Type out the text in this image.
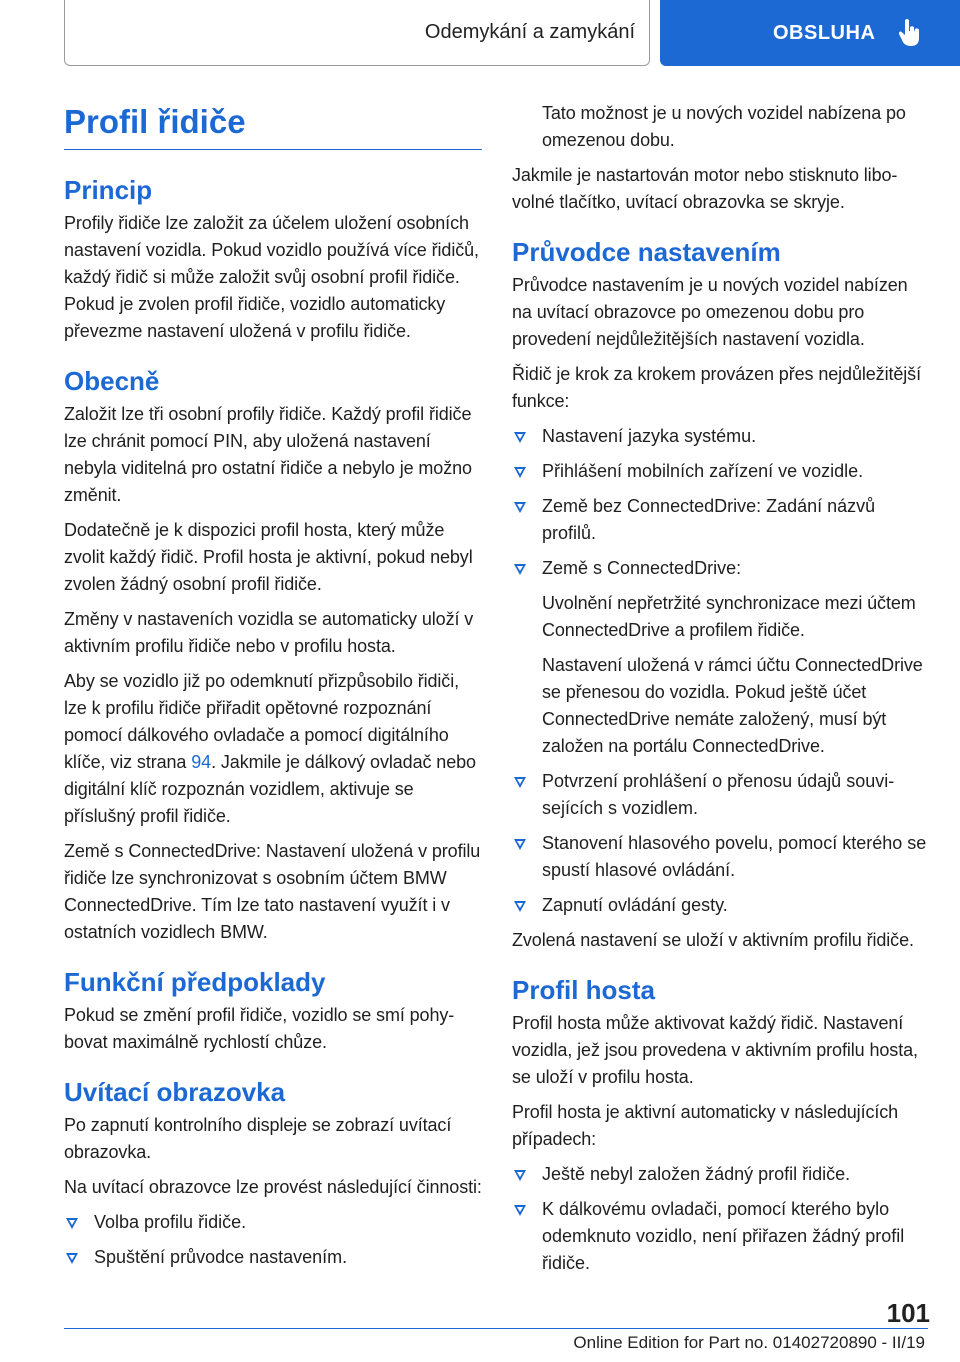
Odemykání a zamykání	OBSLUHA
Profil řidiče
Princip

Profily řidiče lze založit za účelem uložení osobních nastavení vozidla. Pokud vozidlo používá více řidičů, každý řidič si může založit svůj osobní profil řidiče. Pokud je zvolen profil řidiče, vozidlo automaticky převezme nastavení uložená v profilu řidiče.

Obecně

Založit lze tři osobní profily řidiče. Každý profil řidiče lze chránit pomocí PIN, aby uložená nastavení nebyla viditelná pro ostatní řidiče a nebylo je možno změnit.

Dodatečně je k dispozici profil hosta, který může zvolit každý řidič. Profil hosta je aktivní, pokud nebyl zvolen žádný osobní profil řidiče.

Změny v nastaveních vozidla se automaticky uloží v aktivním profilu řidiče nebo v profilu hosta.

Aby se vozidlo již po odemknutí přizpůsobilo řidiči, lze k profilu řidiče přiřadit opětovné rozpoznání pomocí dálkového ovladače a pomocí digitálního klíče, viz strana 94. Jakmile je dálkový ovladač nebo digitální klíč rozpoznán vozidlem, aktivuje se příslušný profil řidiče.

Země s ConnectedDrive: Nastavení uložená v profilu řidiče lze synchronizovat s osobním účtem BMW ConnectedDrive. Tím lze tato nastavení využít i v ostatních vozidlech BMW.

Funkční předpoklady

Pokud se změní profil řidiče, vozidlo se smí pohybovat maximálně rychlostí chůze.

Uvítací obrazovka

Po zapnutí kontrolního displeje se zobrazí uvítací obrazovka.

Na uvítací obrazovce lze provést následující činnosti:

Volba profilu řidiče.
Spuštění průvodce nastavením.

Tato možnost je u nových vozidel nabízena po omezenou dobu.

Jakmile je nastartován motor nebo stisknuto libovolné tlačítko, uvítací obrazovka se skryje.

Průvodce nastavením

Průvodce nastavením je u nových vozidel nabízen na uvítací obrazovce po omezenou dobu pro provedení nejdůležitějších nastavení vozidla.

Řidič je krok za krokem provázen přes nejdůležitější funkce:

Nastavení jazyka systému.
Přihlášení mobilních zařízení ve vozidle.
Země bez ConnectedDrive: Zadání názvů profilů.
Země s ConnectedDrive:

Uvolnění nepřetržité synchronizace mezi účtem ConnectedDrive a profilem řidiče.

Nastavení uložená v rámci účtu ConnectedDrive se přenesou do vozidla. Pokud ještě účet ConnectedDrive nemáte založený, musí být založen na portálu ConnectedDrive.

Potvrzení prohlášení o přenosu údajů souvisejících s vozidlem.
Stanovení hlasového povelu, pomocí kterého se spustí hlasové ovládání.
Zapnutí ovládání gesty.

Zvolená nastavení se uloží v aktivním profilu řidiče.

Profil hosta

Profil hosta může aktivovat každý řidič. Nastavení vozidla, jež jsou provedena v aktivním profilu hosta, se uloží v profilu hosta.

Profil hosta je aktivní automaticky v následujících případech:

Ještě nebyl založen žádný profil řidiče.
K dálkovému ovladači, pomocí kterého bylo odemknuto vozidlo, není přiřazen žádný profil řidiče.
101
Online Edition for Part no. 01402720890 - II/19
